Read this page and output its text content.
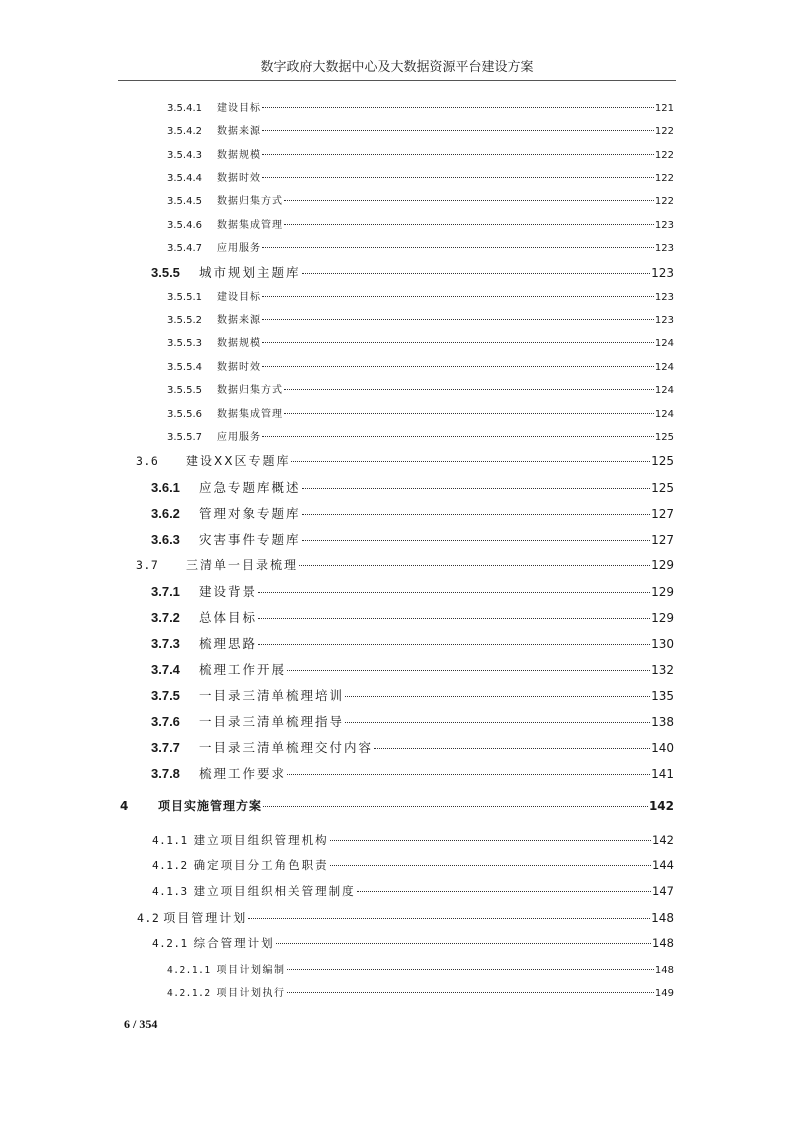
数字政府大数据中心及大数据资源平台建设方案
3.5.4.1	建设目标	121
3.5.4.2	数据来源	122
3.5.4.3	数据规模	122
3.5.4.4	数据时效	122
3.5.4.5	数据归集方式	122
3.5.4.6	数据集成管理	123
3.5.4.7	应用服务	123
3.5.5	城市规划主题库	123
3.5.5.1	建设目标	123
3.5.5.2	数据来源	123
3.5.5.3	数据规模	124
3.5.5.4	数据时效	124
3.5.5.5	数据归集方式	124
3.5.5.6	数据集成管理	124
3.5.5.7	应用服务	125
3.6	建设XX区专题库	125
3.6.1	应急专题库概述	125
3.6.2	管理对象专题库	127
3.6.3	灾害事件专题库	127
3.7	三清单一目录梳理	129
3.7.1	建设背景	129
3.7.2	总体目标	129
3.7.3	梳理思路	130
3.7.4	梳理工作开展	132
3.7.5	一目录三清单梳理培训	135
3.7.6	一目录三清单梳理指导	138
3.7.7	一目录三清单梳理交付内容	140
3.7.8	梳理工作要求	141
4	项目实施管理方案	142
4.1.1 建立项目组织管理机构	142
4.1.2 确定项目分工角色职责	144
4.1.3 建立项目组织相关管理制度	147
4.2 项目管理计划	148
4.2.1 综合管理计划	148
4.2.1.1 项目计划编制	148
4.2.1.2 项目计划执行	149
6 / 354
